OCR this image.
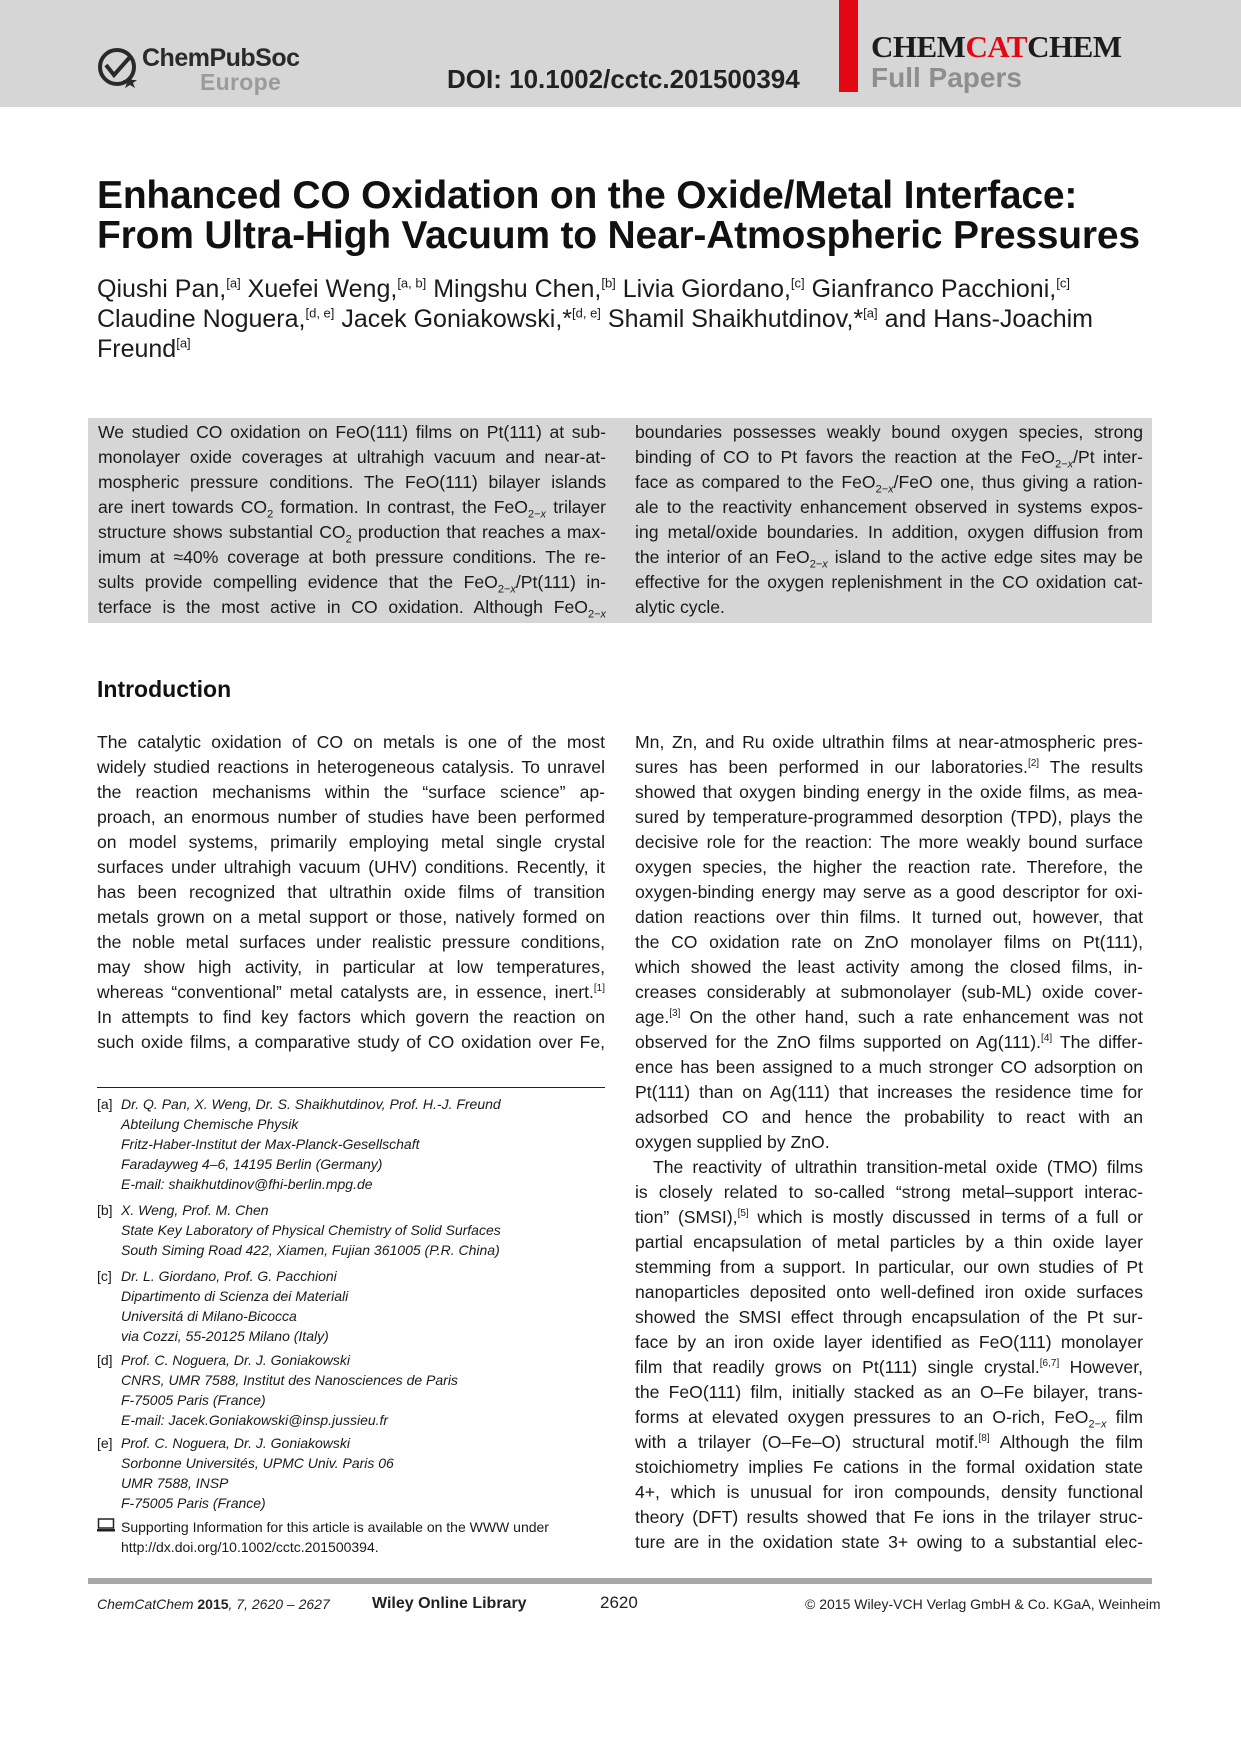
ChemPubSoc
Europe	DOI: 10.1002/cctc.201500394
CHEMCATCHEM
Full Papers
Enhanced CO Oxidation on the Oxide/Metal Interface: From Ultra-High Vacuum to Near-Atmospheric Pressures
Qiushi Pan,[a] Xuefei Weng,[a, b] Mingshu Chen,[b] Livia Giordano,[c] Gianfranco Pacchioni,[c] Claudine Noguera,[d, e] Jacek Goniakowski,*[d, e] Shamil Shaikhutdinov,*[a] and Hans-Joachim Freund[a]
We studied CO oxidation on FeO(111) films on Pt(111) at sub-
monolayer oxide coverages at ultrahigh vacuum and near-at-
mospheric pressure conditions. The FeO(111) bilayer islands
are inert towards $CO_2$ formation. In contrast, the FeO$_{2-x}$ trilayer
structure shows substantial $CO_2$ production that reaches a max-
imum at ≈40% coverage at both pressure conditions. The re-
sults provide compelling evidence that the FeO$_{2-x}$/Pt(111) in-
terface is the most active in CO oxidation. Although FeO$_{2-x}$
boundaries possesses weakly bound oxygen species, strong
binding of CO to Pt favors the reaction at the FeO$_{2-x}$/Pt inter-
face as compared to the FeO$_{2-x}$/FeO one, thus giving a ration-
ale to the reactivity enhancement observed in systems expos-
ing metal/oxide boundaries. In addition, oxygen diffusion from
the interior of an FeO$_{2-x}$ island to the active edge sites may be
effective for the oxygen replenishment in the CO oxidation cat-
alytic cycle.
Introduction
The catalytic oxidation of CO on metals is one of the most
widely studied reactions in heterogeneous catalysis. To unravel
the reaction mechanisms within the “surface science” ap-
proach, an enormous number of studies have been performed
on model systems, primarily employing metal single crystal
surfaces under ultrahigh vacuum (UHV) conditions. Recently, it
has been recognized that ultrathin oxide films of transition
metals grown on a metal support or those, natively formed on
the noble metal surfaces under realistic pressure conditions,
may show high activity, in particular at low temperatures,
whereas “conventional” metal catalysts are, in essence, inert.[1]
In attempts to find key factors which govern the reaction on
such oxide films, a comparative study of CO oxidation over Fe,
Mn, Zn, and Ru oxide ultrathin films at near-atmospheric pres-
sures has been performed in our laboratories.[2] The results
showed that oxygen binding energy in the oxide films, as mea-
sured by temperature-programmed desorption (TPD), plays the
decisive role for the reaction: The more weakly bound surface
oxygen species, the higher the reaction rate. Therefore, the
oxygen-binding energy may serve as a good descriptor for oxi-
dation reactions over thin films. It turned out, however, that
the CO oxidation rate on ZnO monolayer films on Pt(111),
which showed the least activity among the closed films, in-
creases considerably at submonolayer (sub-ML) oxide cover-
age.[3] On the other hand, such a rate enhancement was not
observed for the ZnO films supported on Ag(111).[4] The differ-
ence has been assigned to a much stronger CO adsorption on
Pt(111) than on Ag(111) that increases the residence time for
adsorbed CO and hence the probability to react with an
oxygen supplied by ZnO.
The reactivity of ultrathin transition-metal oxide (TMO) films
is closely related to so-called “strong metal–support interac-
tion” (SMSI),[5] which is mostly discussed in terms of a full or
partial encapsulation of metal particles by a thin oxide layer
stemming from a support. In particular, our own studies of Pt
nanoparticles deposited onto well-defined iron oxide surfaces
showed the SMSI effect through encapsulation of the Pt sur-
face by an iron oxide layer identified as FeO(111) monolayer
film that readily grows on Pt(111) single crystal.[6,7] However,
the FeO(111) film, initially stacked as an O–Fe bilayer, trans-
forms at elevated oxygen pressures to an O-rich, FeO$_{2-x}$ film
with a trilayer (O–Fe–O) structural motif.[8] Although the film
stoichiometry implies Fe cations in the formal oxidation state
4+, which is unusual for iron compounds, density functional
theory (DFT) results showed that Fe ions in the trilayer struc-
ture are in the oxidation state 3+ owing to a substantial elec-
[a] Dr. Q. Pan, X. Weng, Dr. S. Shaikhutdinov, Prof. H.-J. Freund
Abteilung Chemische Physik
Fritz-Haber-Institut der Max-Planck-Gesellschaft
Faradayweg 4–6, 14195 Berlin (Germany)
E-mail: shaikhutdinov@fhi-berlin.mpg.de
[b] X. Weng, Prof. M. Chen
State Key Laboratory of Physical Chemistry of Solid Surfaces
South Siming Road 422, Xiamen, Fujian 361005 (P.R. China)
[c] Dr. L. Giordano, Prof. G. Pacchioni
Dipartimento di Scienza dei Materiali
Universitá di Milano-Bicocca
via Cozzi, 55-20125 Milano (Italy)
[d] Prof. C. Noguera, Dr. J. Goniakowski
CNRS, UMR 7588, Institut des Nanosciences de Paris
F-75005 Paris (France)
E-mail: Jacek.Goniakowski@insp.jussieu.fr
[e] Prof. C. Noguera, Dr. J. Goniakowski
Sorbonne Universités, UPMC Univ. Paris 06
UMR 7588, INSP
F-75005 Paris (France)
Supporting Information for this article is available on the WWW under
http://dx.doi.org/10.1002/cctc.201500394.
ChemCatChem 2015, 7, 2620 – 2627	Wiley Online Library	2620	© 2015 Wiley-VCH Verlag GmbH & Co. KGaA, Weinheim
